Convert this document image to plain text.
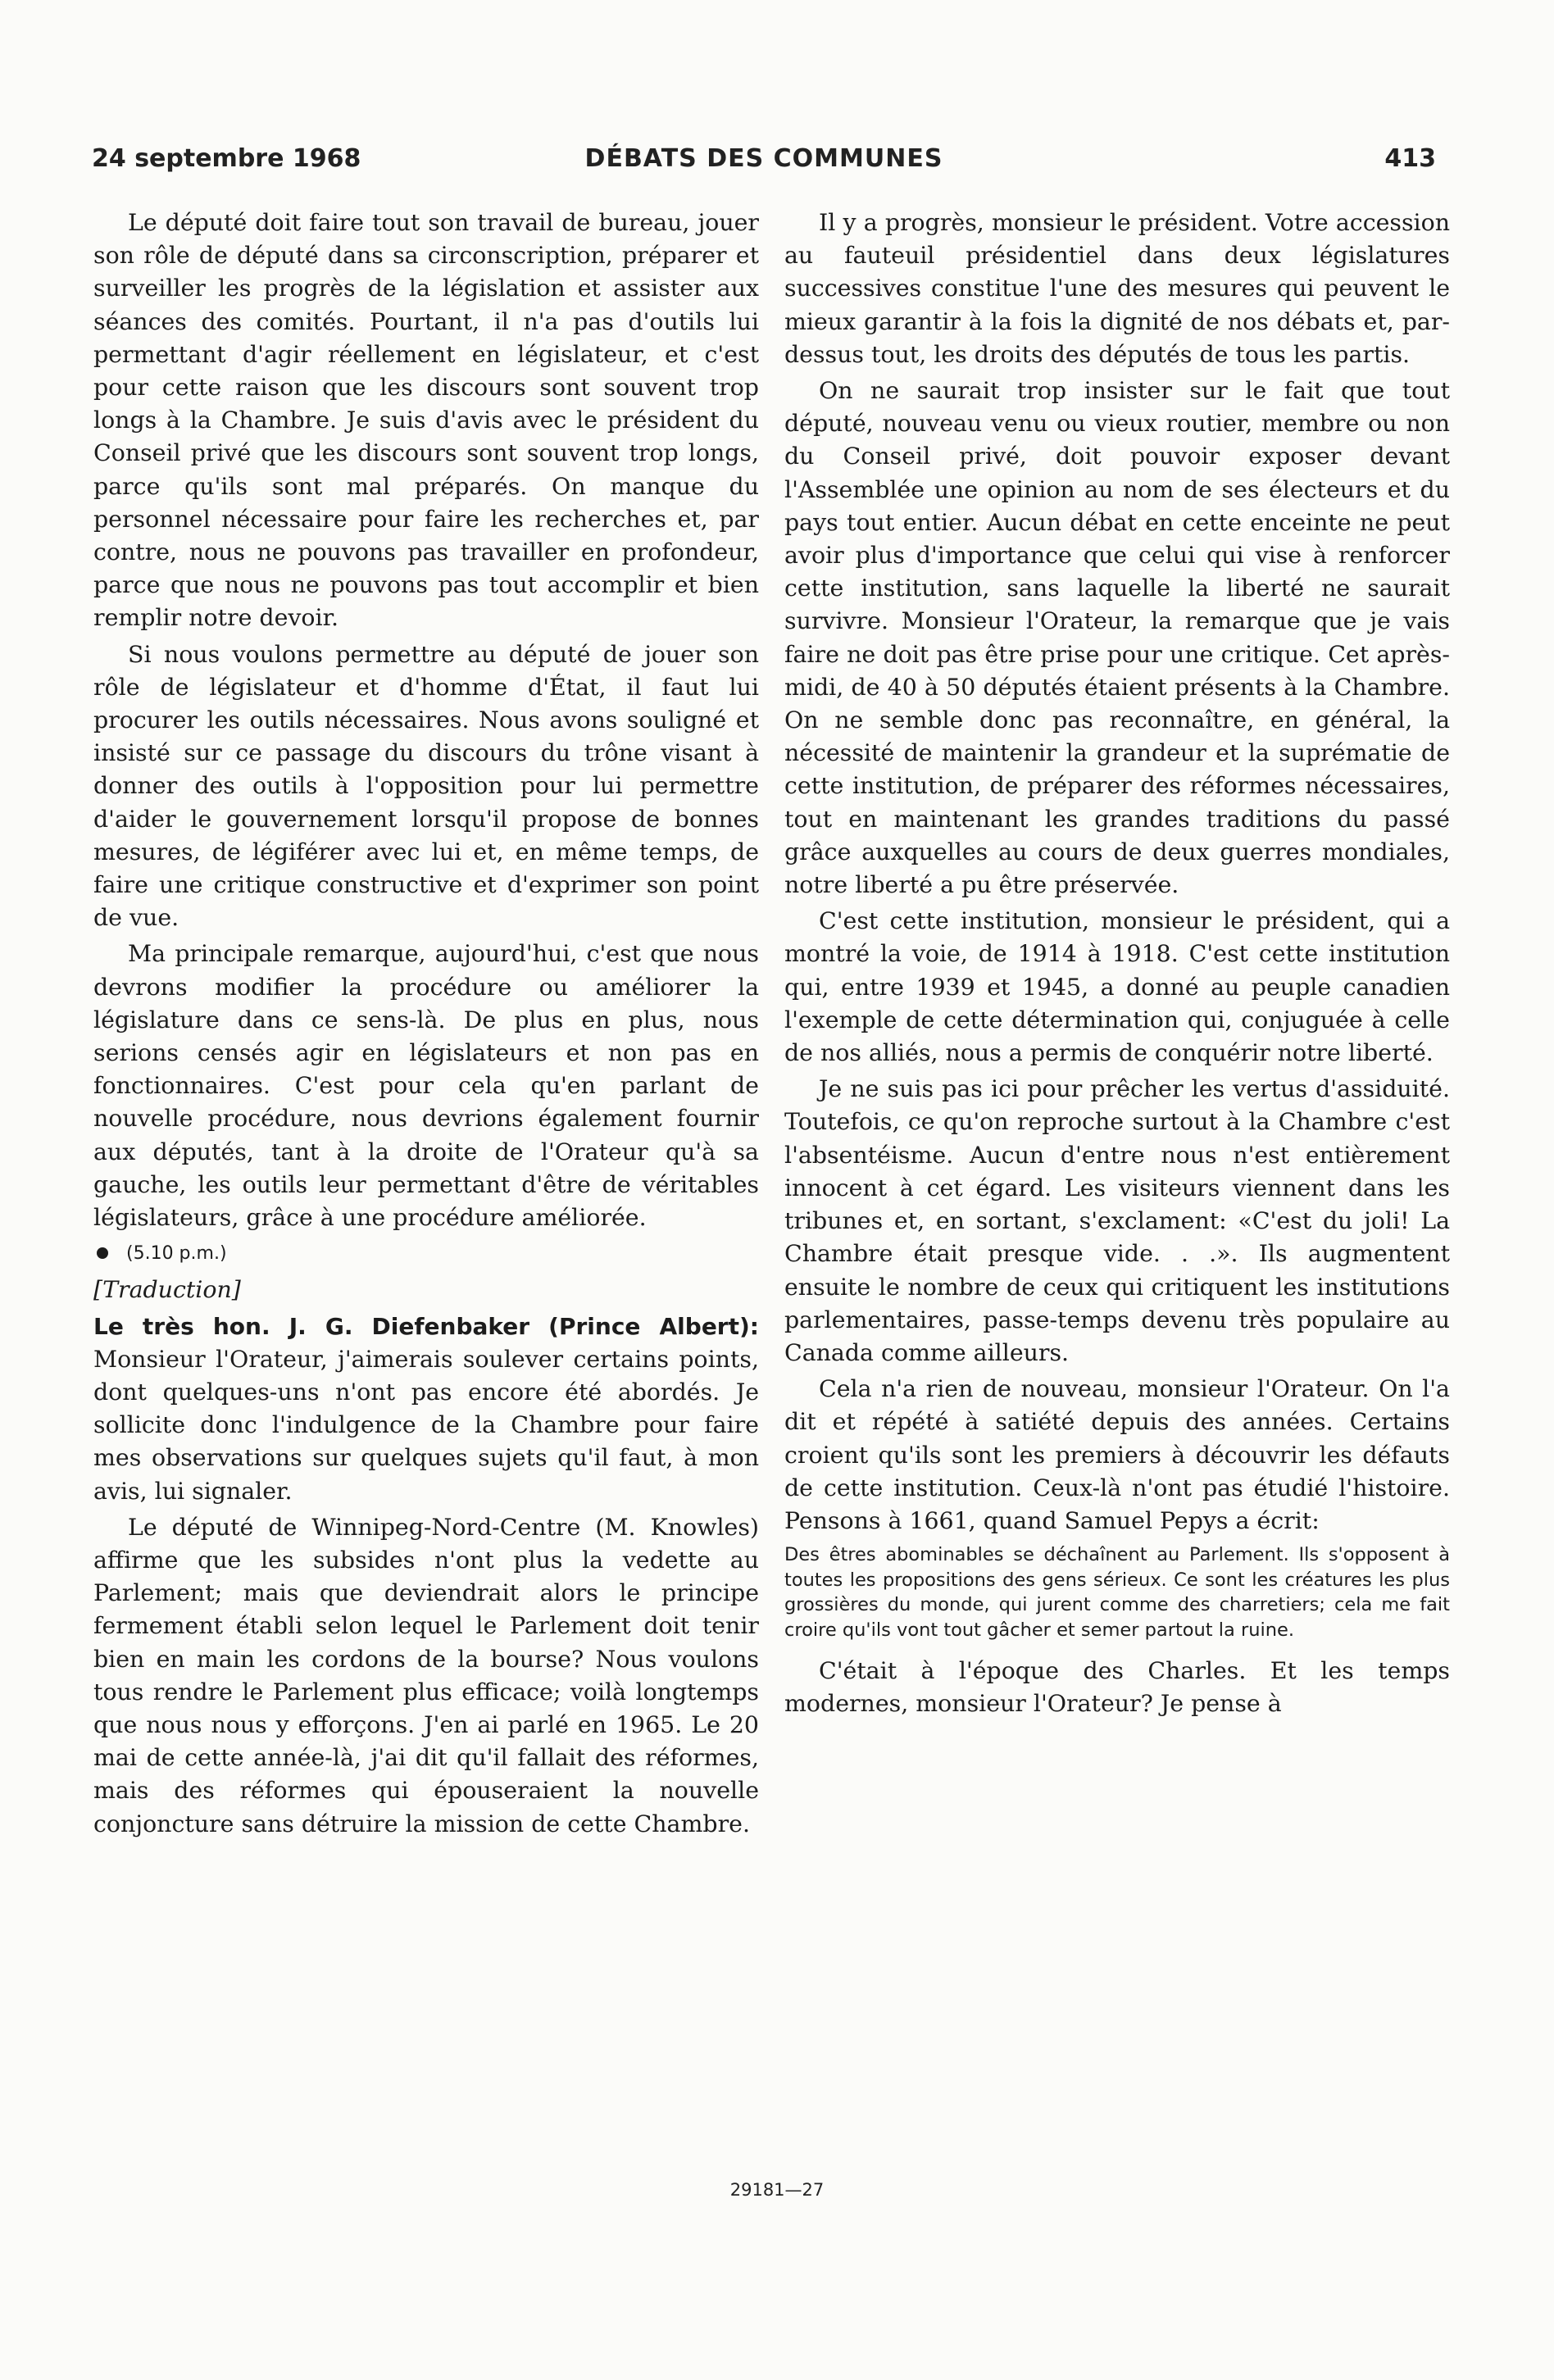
24 septembre 1968	DÉBATS DES COMMUNES	413

Le député doit faire tout son travail de bureau, jouer son rôle de député dans sa circonscription, préparer et surveiller les progrès de la législation et assister aux séances des comités. Pourtant, il n'a pas d'outils lui permettant d'agir réellement en législateur, et c'est pour cette raison que les discours sont souvent trop longs à la Chambre. Je suis d'avis avec le président du Conseil privé que les discours sont souvent trop longs, parce qu'ils sont mal préparés. On manque du personnel nécessaire pour faire les recherches et, par contre, nous ne pouvons pas travailler en profondeur, parce que nous ne pouvons pas tout accomplir et bien remplir notre devoir.

Si nous voulons permettre au député de jouer son rôle de législateur et d'homme d'État, il faut lui procurer les outils nécessaires. Nous avons souligné et insisté sur ce passage du discours du trône visant à donner des outils à l'opposition pour lui permettre d'aider le gouvernement lorsqu'il propose de bonnes mesures, de légiférer avec lui et, en même temps, de faire une critique constructive et d'exprimer son point de vue.

Ma principale remarque, aujourd'hui, c'est que nous devrons modifier la procédure ou améliorer la législature dans ce sens-là. De plus en plus, nous serions censés agir en législateurs et non pas en fonctionnaires. C'est pour cela qu'en parlant de nouvelle procédure, nous devrions également fournir aux députés, tant à la droite de l'Orateur qu'à sa gauche, les outils leur permettant d'être de véritables législateurs, grâce à une procédure améliorée.

(5.10 p.m.)

[Traduction]

Le très hon. J. G. Diefenbaker (Prince Albert): Monsieur l'Orateur, j'aimerais soulever certains points, dont quelques-uns n'ont pas encore été abordés. Je sollicite donc l'indulgence de la Chambre pour faire mes observations sur quelques sujets qu'il faut, à mon avis, lui signaler.

Le député de Winnipeg-Nord-Centre (M. Knowles) affirme que les subsides n'ont plus la vedette au Parlement; mais que deviendrait alors le principe fermement établi selon lequel le Parlement doit tenir bien en main les cordons de la bourse? Nous voulons tous rendre le Parlement plus efficace; voilà longtemps que nous nous y efforçons. J'en ai parlé en 1965. Le 20 mai de cette année-là, j'ai dit qu'il fallait des réformes, mais des réformes qui épouseraient la nouvelle conjoncture sans détruire la mission de cette Chambre.

Il y a progrès, monsieur le président. Votre accession au fauteuil présidentiel dans deux législatures successives constitue l'une des mesures qui peuvent le mieux garantir à la fois la dignité de nos débats et, par-dessus tout, les droits des députés de tous les partis.

On ne saurait trop insister sur le fait que tout député, nouveau venu ou vieux routier, membre ou non du Conseil privé, doit pouvoir exposer devant l'Assemblée une opinion au nom de ses électeurs et du pays tout entier. Aucun débat en cette enceinte ne peut avoir plus d'importance que celui qui vise à renforcer cette institution, sans laquelle la liberté ne saurait survivre. Monsieur l'Orateur, la remarque que je vais faire ne doit pas être prise pour une critique. Cet après-midi, de 40 à 50 députés étaient présents à la Chambre. On ne semble donc pas reconnaître, en général, la nécessité de maintenir la grandeur et la suprématie de cette institution, de préparer des réformes nécessaires, tout en maintenant les grandes traditions du passé grâce auxquelles au cours de deux guerres mondiales, notre liberté a pu être préservée.

C'est cette institution, monsieur le président, qui a montré la voie, de 1914 à 1918. C'est cette institution qui, entre 1939 et 1945, a donné au peuple canadien l'exemple de cette détermination qui, conjuguée à celle de nos alliés, nous a permis de conquérir notre liberté.

Je ne suis pas ici pour prêcher les vertus d'assiduité. Toutefois, ce qu'on reproche surtout à la Chambre c'est l'absentéisme. Aucun d'entre nous n'est entièrement innocent à cet égard. Les visiteurs viennent dans les tribunes et, en sortant, s'exclament: «C'est du joli! La Chambre était presque vide. . .». Ils augmentent ensuite le nombre de ceux qui critiquent les institutions parlementaires, passe-temps devenu très populaire au Canada comme ailleurs.

Cela n'a rien de nouveau, monsieur l'Orateur. On l'a dit et répété à satiété depuis des années. Certains croient qu'ils sont les premiers à découvrir les défauts de cette institution. Ceux-là n'ont pas étudié l'histoire. Pensons à 1661, quand Samuel Pepys a écrit:

Des êtres abominables se déchaînent au Parlement. Ils s'opposent à toutes les propositions des gens sérieux. Ce sont les créatures les plus grossières du monde, qui jurent comme des charretiers; cela me fait croire qu'ils vont tout gâcher et semer partout la ruine.

C'était à l'époque des Charles. Et les temps modernes, monsieur l'Orateur? Je pense à

29181—27
